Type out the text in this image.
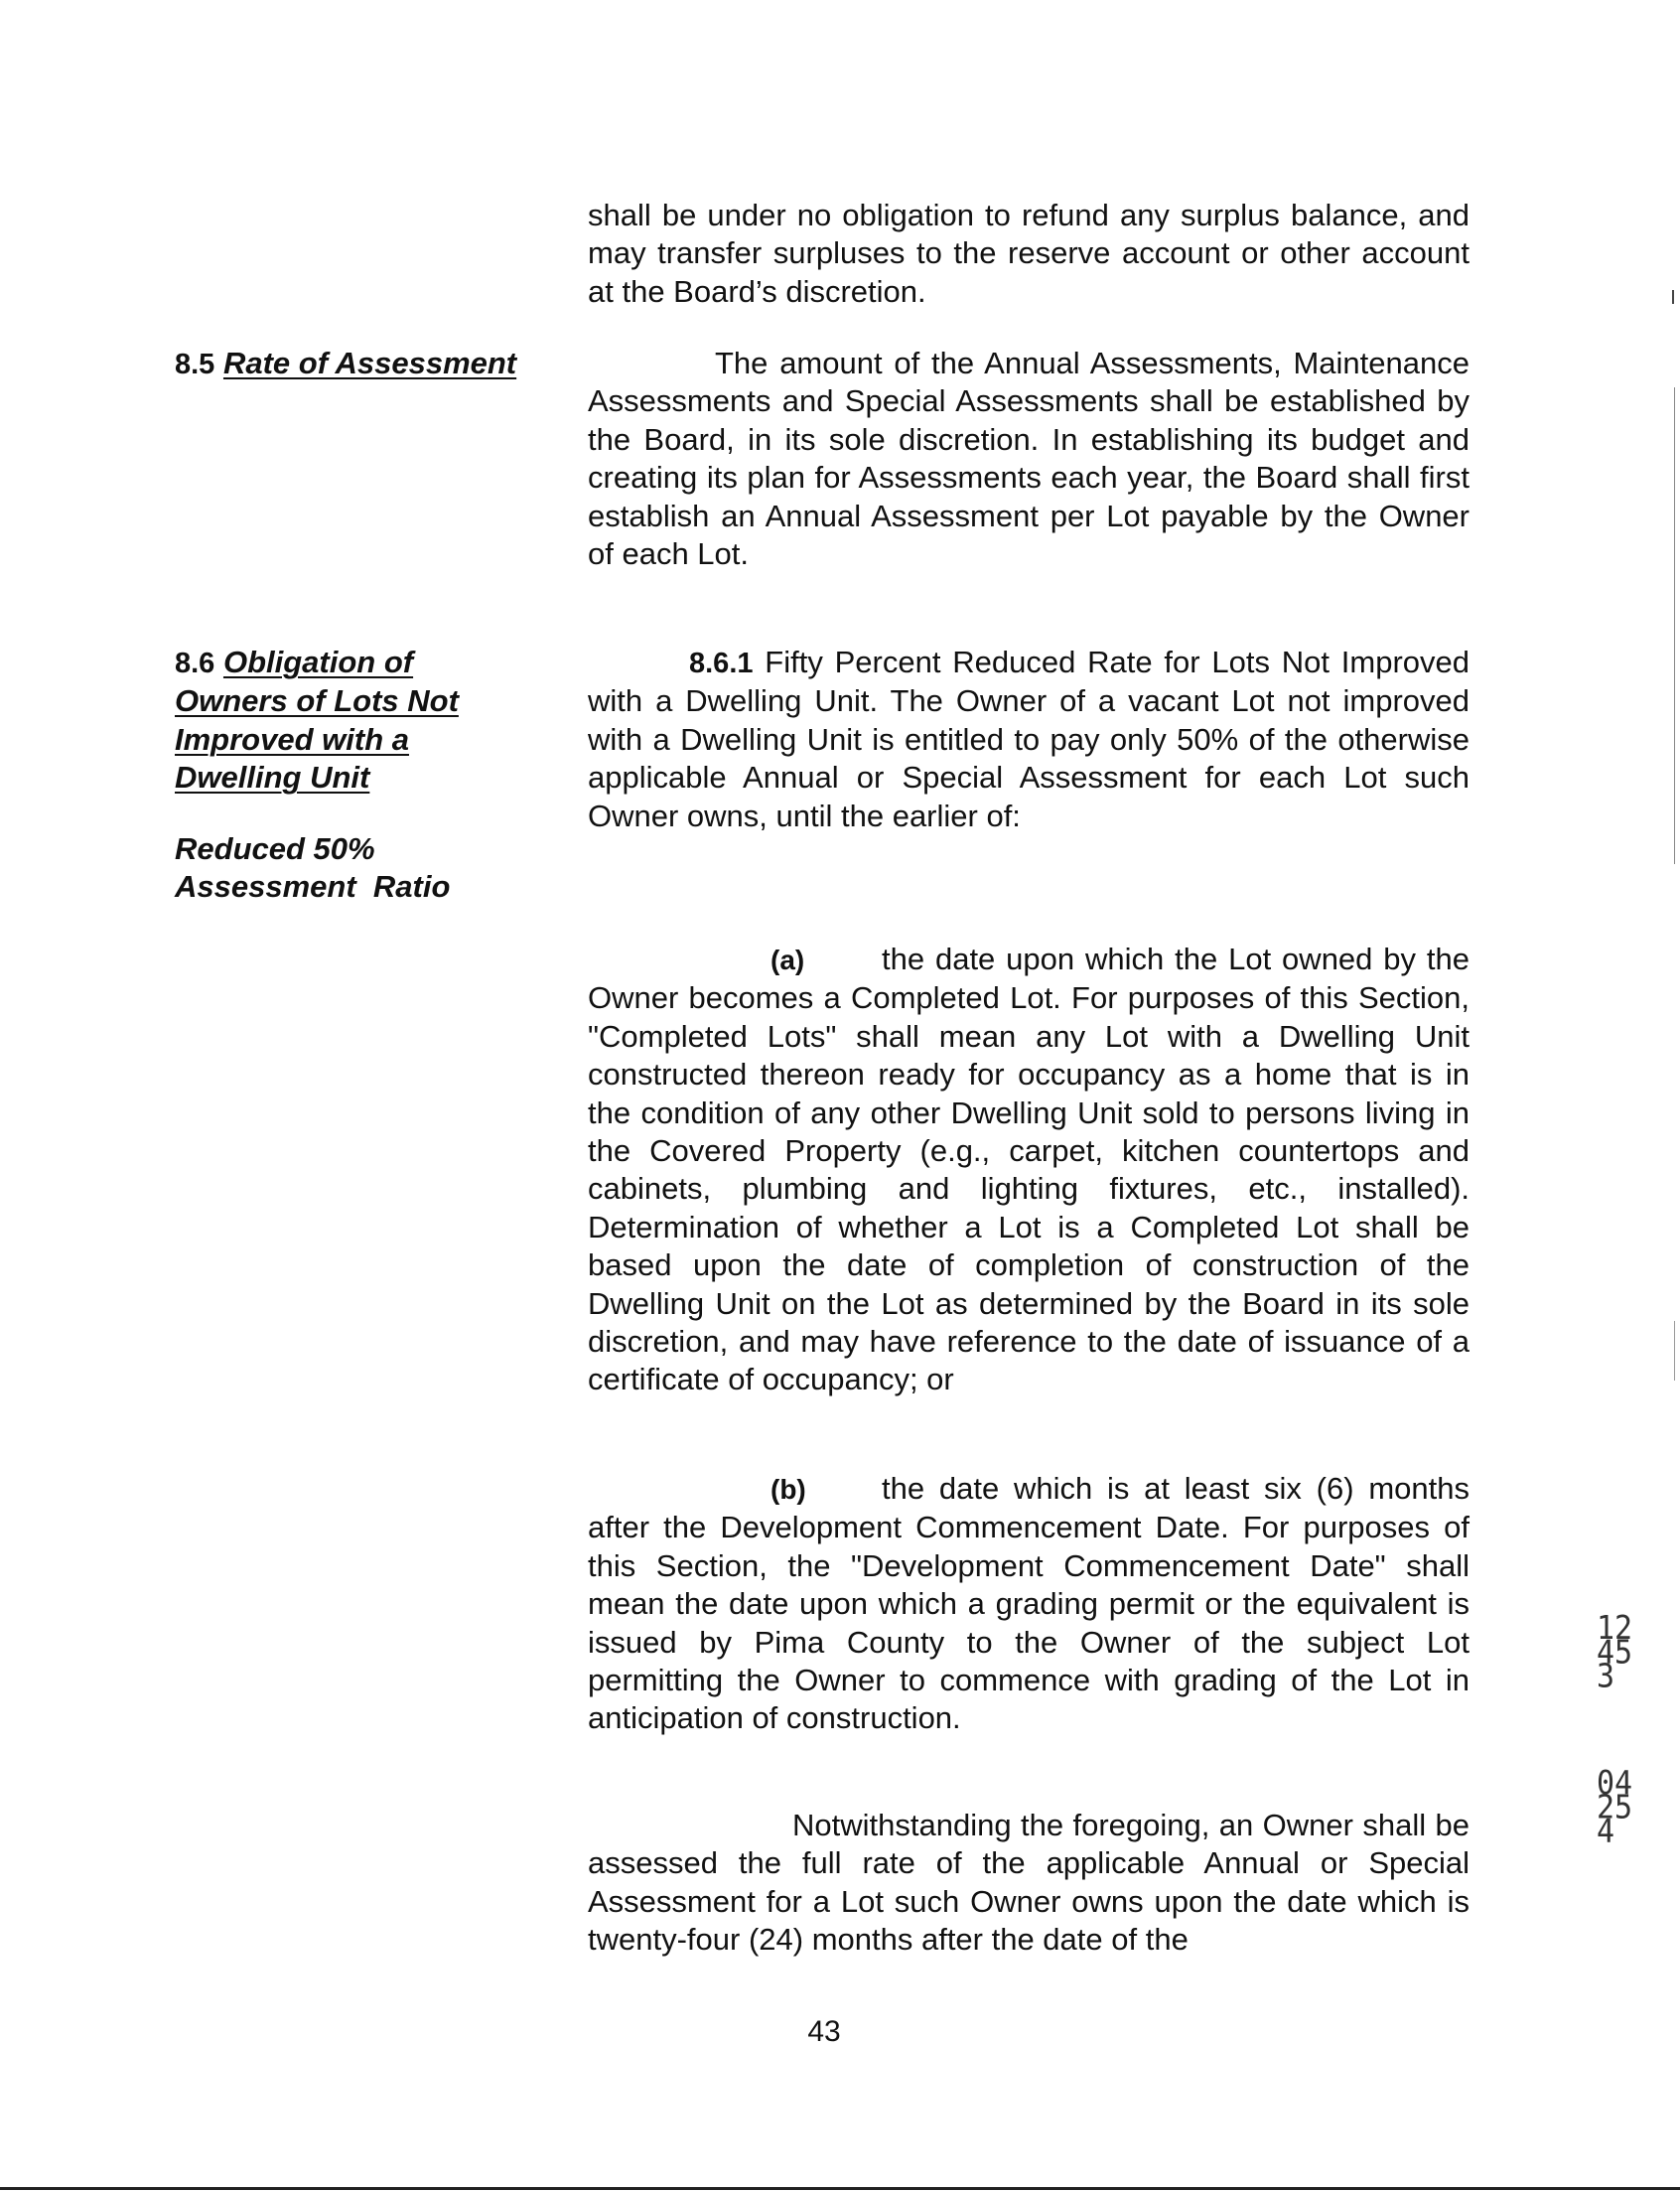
shall be under no obligation to refund any surplus balance, and may transfer surpluses to the reserve account or other account at the Board’s discretion.

8.5 Rate of Assessment	The amount of the Annual Assessments, Maintenance Assessments and Special Assessments shall be established by the Board, in its sole discretion. In establishing its budget and creating its plan for Assessments each year, the Board shall first establish an Annual Assessment per Lot payable by the Owner of each Lot.

8.6 Obligation of
Owners of Lots Not
Improved with a
Dwelling Unit
Reduced 50%
Assessment  Ratio

8.6.1 Fifty Percent Reduced Rate for Lots Not Improved with a Dwelling Unit. The Owner of a vacant Lot not improved with a Dwelling Unit is entitled to pay only 50% of the otherwise applicable Annual or Special Assessment for each Lot such Owner owns, until the earlier of:

(a)	the date upon which the Lot owned by the Owner becomes a Completed Lot. For purposes of this Section, "Completed Lots" shall mean any Lot with a Dwelling Unit constructed thereon ready for occupancy as a home that is in the condition of any other Dwelling Unit sold to persons living in the Covered Property (e.g., carpet, kitchen countertops and cabinets, plumbing and lighting fixtures, etc., installed). Determination of whether a Lot is a Completed Lot shall be based upon the date of completion of construction of the Dwelling Unit on the Lot as determined by the Board in its sole discretion, and may have reference to the date of issuance of a certificate of occupancy; or

(b) the date which is at least six (6) months after the Development Commencement Date. For purposes of this Section, the "Development Commencement Date" shall mean the date upon which a grading permit or the equivalent is issued by Pima County to the Owner of the subject Lot permitting the Owner to commence with grading of the Lot in anticipation of construction.

Notwithstanding the foregoing, an Owner shall be assessed the full rate of the applicable Annual or Special Assessment for a Lot such Owner owns upon the date which is twenty-four (24) months after the date of the

43

12453

04254
